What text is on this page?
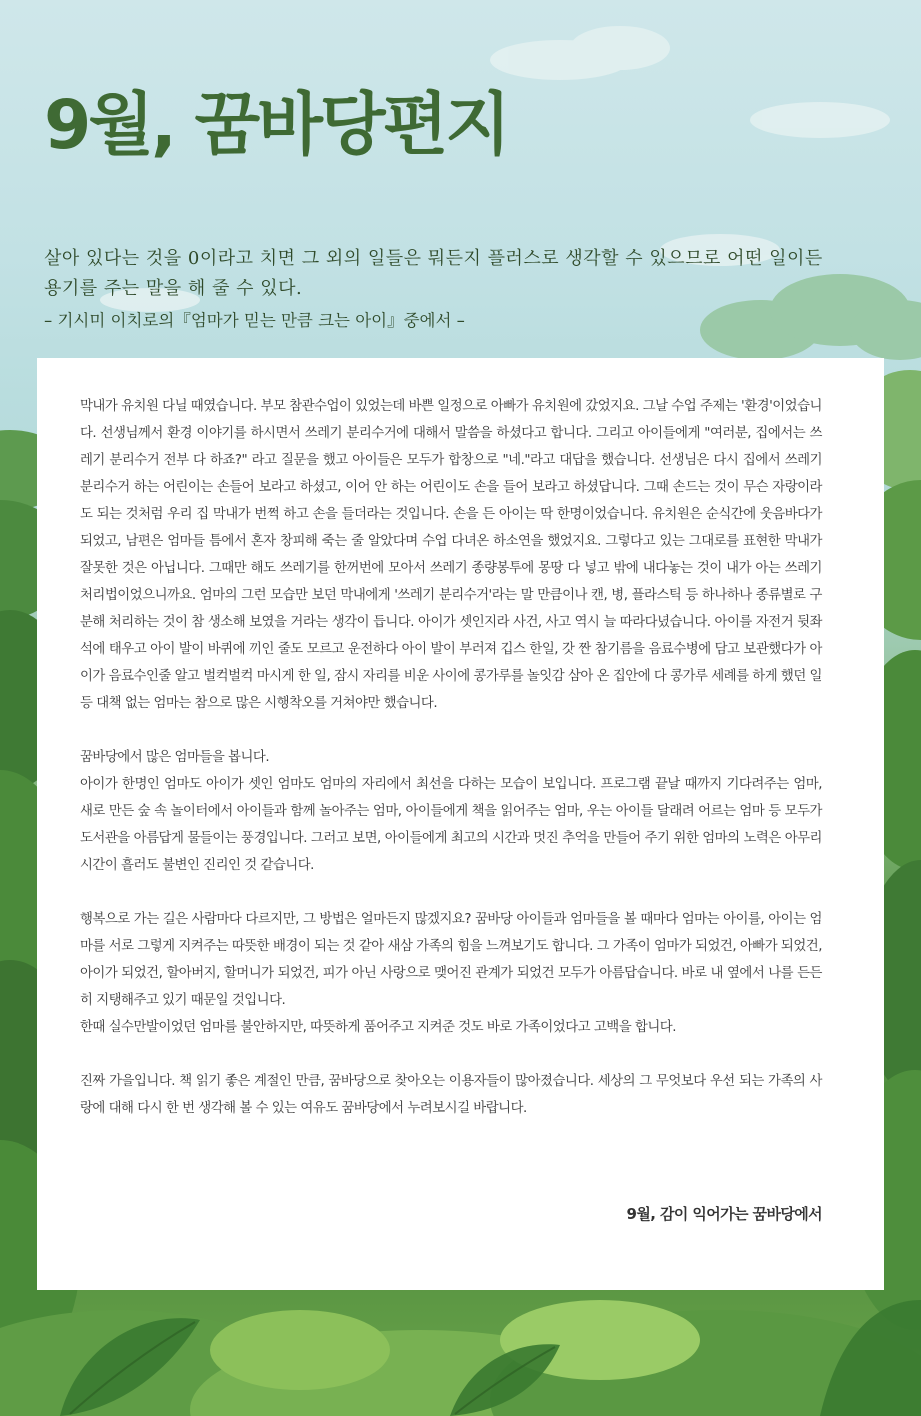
9월, 꿈바당편지
살아 있다는 것을 0이라고 치면 그 외의 일들은 뭐든지 플러스로 생각할 수 있으므로 어떤 일이든
용기를 주는 말을 해 줄 수 있다.
– 기시미 이치로의『엄마가 믿는 만큼 크는 아이』중에서 –

막내가 유치원 다닐 때였습니다. 부모 참관수업이 있었는데 바쁜 일정으로 아빠가 유치원에 갔었지요. 그날 수업 주제는 '환경'이었습니다. 선생님께서 환경 이야기를 하시면서 쓰레기 분리수거에 대해서 말씀을 하셨다고 합니다. 그리고 아이들에게 "여러분, 집에서는 쓰레기 분리수거 전부 다 하죠?" 라고 질문을 했고 아이들은 모두가 합창으로 "네."라고 대답을 했습니다. 선생님은 다시 집에서 쓰레기 분리수거 하는 어린이는 손들어 보라고 하셨고, 이어 안 하는 어린이도 손을 들어 보라고 하셨답니다. 그때 손드는 것이 무슨 자랑이라도 되는 것처럼 우리 집 막내가 번쩍 하고 손을 들더라는 것입니다. 손을 든 아이는 딱 한명이었습니다. 유치원은 순식간에 웃음바다가 되었고, 남편은 엄마들 틈에서 혼자 창피해 죽는 줄 알았다며 수업 다녀온 하소연을 했었지요. 그렇다고 있는 그대로를 표현한 막내가 잘못한 것은 아닙니다. 그때만 해도 쓰레기를 한꺼번에 모아서 쓰레기 종량봉투에 몽땅 다 넣고 밖에 내다놓는 것이 내가 아는 쓰레기 처리법이었으니까요. 엄마의 그런 모습만 보던 막내에게 '쓰레기 분리수거'라는 말 만큼이나 캔, 병, 플라스틱 등 하나하나 종류별로 구분해 처리하는 것이 참 생소해 보였을 거라는 생각이 듭니다. 아이가 셋인지라 사건, 사고 역시 늘 따라다녔습니다. 아이를 자전거 뒷좌석에 태우고 아이 발이 바퀴에 끼인 줄도 모르고 운전하다 아이 발이 부러져 깁스 한일, 갓 짠 참기름을 음료수병에 담고 보관했다가 아이가 음료수인줄 알고 벌컥벌컥 마시게 한 일, 잠시 자리를 비운 사이에 콩가루를 놀잇감 삼아 온 집안에 다 콩가루 세례를 하게 했던 일 등 대책 없는 엄마는 참으로 많은 시행착오를 거쳐야만 했습니다.

꿈바당에서 많은 엄마들을 봅니다.
아이가 한명인 엄마도 아이가 셋인 엄마도 엄마의 자리에서 최선을 다하는 모습이 보입니다. 프로그램 끝날 때까지 기다려주는 엄마, 새로 만든 숲 속 놀이터에서 아이들과 함께 놀아주는 엄마, 아이들에게 책을 읽어주는 엄마, 우는 아이들 달래려 어르는 엄마 등 모두가 도서관을 아름답게 물들이는 풍경입니다. 그러고 보면, 아이들에게 최고의 시간과 멋진 추억을 만들어 주기 위한 엄마의 노력은 아무리 시간이 흘러도 불변인 진리인 것 같습니다.

행복으로 가는 길은 사람마다 다르지만, 그 방법은 얼마든지 많겠지요? 꿈바당 아이들과 엄마들을 볼 때마다 엄마는 아이를, 아이는 엄마를 서로 그렇게 지켜주는 따뜻한 배경이 되는 것 같아 새삼 가족의 힘을 느껴보기도 합니다. 그 가족이 엄마가 되었건, 아빠가 되었건, 아이가 되었건, 할아버지, 할머니가 되었건, 피가 아닌 사랑으로 맺어진 관계가 되었건 모두가 아름답습니다. 바로 내 옆에서 나를 든든히 지탱해주고 있기 때문일 것입니다.
한때 실수만발이었던 엄마를 불안하지만, 따뜻하게 품어주고 지켜준 것도 바로 가족이었다고 고백을 합니다.

진짜 가을입니다. 책 읽기 좋은 계절인 만큼, 꿈바당으로 찾아오는 이용자들이 많아졌습니다. 세상의 그 무엇보다 우선 되는 가족의 사랑에 대해 다시 한 번 생각해 볼 수 있는 여유도 꿈바당에서 누려보시길 바랍니다.

9월, 감이 익어가는 꿈바당에서
